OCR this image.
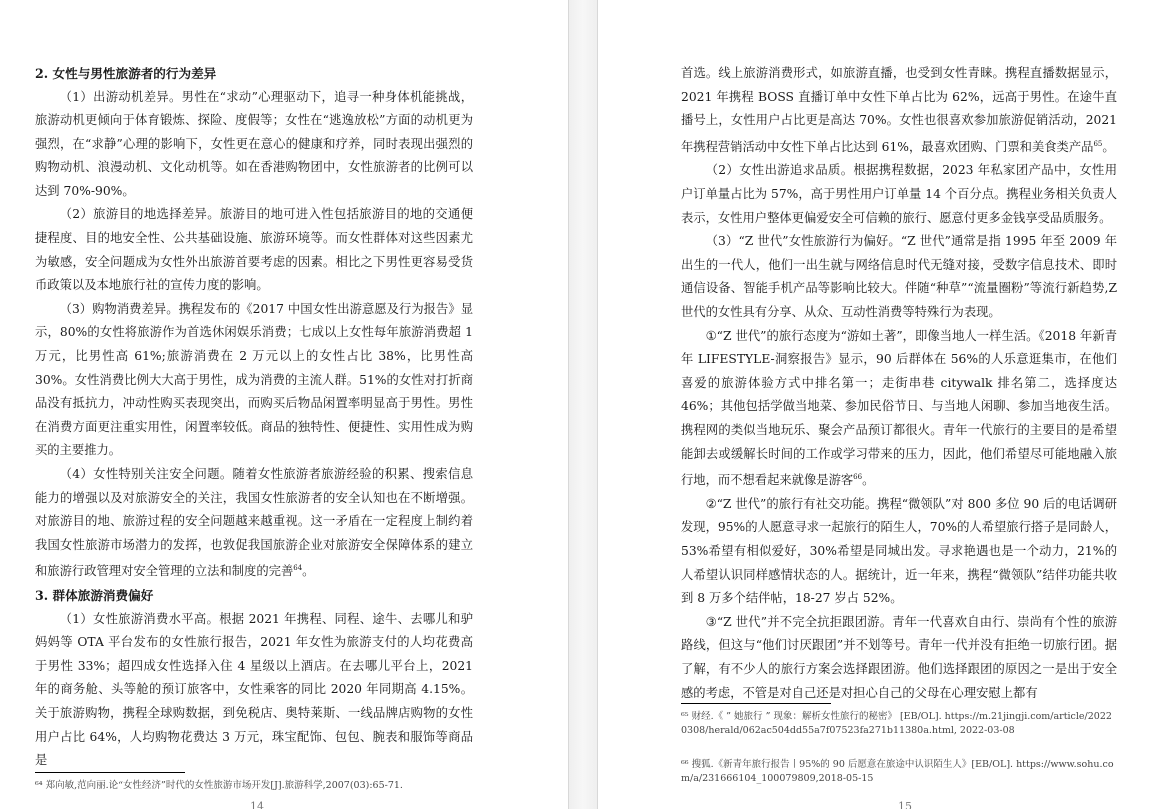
2. 女性与男性旅游者的行为差异

（1）出游动机差异。男性在“求动”心理驱动下，追寻一种身体机能挑战，旅游动机更倾向于体育锻炼、探险、度假等；女性在“逃逸放松”方面的动机更为强烈，在“求静”心理的影响下，女性更在意心的健康和疗养，同时表现出强烈的购物动机、浪漫动机、文化动机等。如在香港购物团中，女性旅游者的比例可以达到 70%-90%。

（2）旅游目的地选择差异。旅游目的地可进入性包括旅游目的地的交通便捷程度、目的地安全性、公共基础设施、旅游环境等。而女性群体对这些因素尤为敏感，安全问题成为女性外出旅游首要考虑的因素。相比之下男性更容易受货币政策以及本地旅行社的宣传力度的影响。

（3）购物消费差异。携程发布的《2017 中国女性出游意愿及行为报告》显示，80%的女性将旅游作为首选休闲娱乐消费；七成以上女性每年旅游消费超 1 万元，比男性高 61%;旅游消费在 2 万元以上的女性占比 38%，比男性高 30%。女性消费比例大大高于男性，成为消费的主流人群。51%的女性对打折商品没有抵抗力，冲动性购买表现突出，而购买后物品闲置率明显高于男性。男性在消费方面更注重实用性，闲置率较低。商品的独特性、便捷性、实用性成为购买的主要推力。

（4）女性特别关注安全问题。随着女性旅游者旅游经验的积累、搜索信息能力的增强以及对旅游安全的关注，我国女性旅游者的安全认知也在不断增强。对旅游目的地、旅游过程的安全问题越来越重视。这一矛盾在一定程度上制约着我国女性旅游市场潜力的发挥，也敦促我国旅游企业对旅游安全保障体系的建立和旅游行政管理对安全管理的立法和制度的完善$^{64}$。

3. 群体旅游消费偏好

（1）女性旅游消费水平高。根据 2021 年携程、同程、途牛、去哪儿和驴妈妈等 OTA 平台发布的女性旅行报告，2021 年女性为旅游支付的人均花费高于男性 33%；超四成女性选择入住 4 星级以上酒店。在去哪儿平台上，2021 年的商务舱、头等舱的预订旅客中，女性乘客的同比 2020 年同期高 4.15%。关于旅游购物，携程全球购数据，到免税店、奥特莱斯、一线品牌店购物的女性用户占比 64%，人均购物花费达 3 万元，珠宝配饰、包包、腕表和服饰等商品是

⁶⁴ 郑向敏,范向丽.论“女性经济”时代的女性旅游市场开发[J].旅游科学,2007(03):65-71.
14

首选。线上旅游消费形式，如旅游直播，也受到女性青睐。携程直播数据显示，2021 年携程 BOSS 直播订单中女性下单占比为 62%，远高于男性。在途牛直播号上，女性用户占比更是高达 70%。女性也很喜欢参加旅游促销活动，2021 年携程营销活动中女性下单占比达到 61%，最喜欢团购、门票和美食类产品$^{65}$。

（2）女性出游追求品质。根据携程数据，2023 年私家团产品中，女性用户订单量占比为 57%，高于男性用户订单量 14 个百分点。携程业务相关负责人表示，女性用户整体更偏爱安全可信赖的旅行、愿意付更多金钱享受品质服务。

（3）“Z 世代”女性旅游行为偏好。“Z 世代”通常是指 1995 年至 2009 年出生的一代人，他们一出生就与网络信息时代无缝对接，受数字信息技术、即时通信设备、智能手机产品等影响比较大。伴随“种草”“流量圈粉”等流行新趋势,Z 世代的女性具有分享、从众、互动性消费等特殊行为表现。

①“Z 世代”的旅行态度为“游如土著”，即像当地人一样生活。《2018 年新青年 LIFESTYLE-洞察报告》显示，90 后群体在 56%的人乐意逛集市，在他们喜爱的旅游体验方式中排名第一；走街串巷 citywalk 排名第二，选择度达 46%；其他包括学做当地菜、参加民俗节日、与当地人闲聊、参加当地夜生活。携程网的类似当地玩乐、聚会产品预订都很火。青年一代旅行的主要目的是希望能卸去或缓解长时间的工作或学习带来的压力，因此，他们希望尽可能地融入旅行地，而不想看起来就像是游客$^{66}$。

②“Z 世代”的旅行有社交功能。携程“微领队”对 800 多位 90 后的电话调研发现，95%的人愿意寻求一起旅行的陌生人，70%的人希望旅行搭子是同龄人，53%希望有相似爱好，30%希望是同城出发。寻求艳遇也是一个动力，21%的人希望认识同样感情状态的人。据统计，近一年来，携程“微领队”结伴功能共收到 8 万多个结伴帖，18-27 岁占 52%。

③“Z 世代”并不完全抗拒跟团游。青年一代喜欢自由行、崇尚有个性的旅游路线，但这与“他们讨厌跟团”并不划等号。青年一代并没有拒绝一切旅行团。据了解，有不少人的旅行方案会选择跟团游。他们选择跟团的原因之一是出于安全感的考虑，不管是对自己还是对担心自己的父母在心理安慰上都有

⁶⁵ 财经.《 ” 她旅行 ” 现象：解析女性旅行的秘密》 [EB/OL]. https://m.21jingji.com/article/20220308/herald/062ac504dd55a7f07523fa271b11380a.html, 2022-03-08
⁶⁶ 搜狐.《新青年旅行报告丨95%的 90 后愿意在旅途中认识陌生人》[EB/OL]. https://www.sohu.com/a/231666104_100079809,2018-05-15
15
